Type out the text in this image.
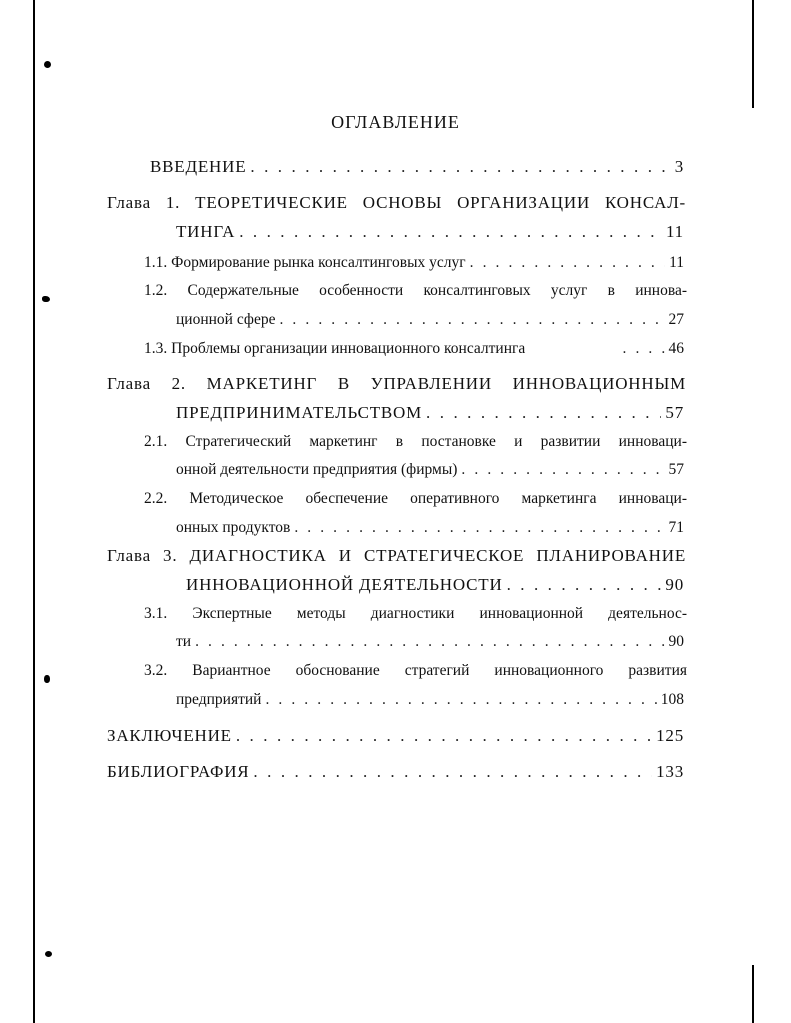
ОГЛАВЛЕНИЕ
ВВЕДЕНИЕ . . .	3
Глава 1. ТЕОРЕТИЧЕСКИЕ ОСНОВЫ ОРГАНИЗАЦИИ КОНСАЛ-
ТИНГА . . .	11
1.1.
Формирование рынка консалтинговых услуг . . .	11
1.2. Содержательные особенности консалтинговых услуг в иннова-
ционной сфере . . .	27
1.3.
Проблемы организации инновационного консалтинга . . .	46
Глава 2. МАРКЕТИНГ В УПРАВЛЕНИИ ИННОВАЦИОННЫМ
ПРЕДПРИНИМАТЕЛЬСТВОМ . . .	57
2.1. Стратегический маркетинг в постановке и развитии инноваци-
онной деятельности предприятия (фирмы) . . .	57
2.2. Методическое обеспечение оперативного маркетинга инноваци-
онных продуктов . . .	71
Глава 3. ДИАГНОСТИКА И СТРАТЕГИЧЕСКОЕ ПЛАНИРОВАНИЕ
ИННОВАЦИОННОЙ ДЕЯТЕЛЬНОСТИ . . .	90
3.1. Экспертные методы диагностики инновационной деятельнос-
ти . . .	90
3.2. Вариантное обоснование стратегий инновационного развития
предприятий . . .	108
ЗАКЛЮЧЕНИЕ . . .	125
БИБЛИОГРАФИЯ . . .	133
